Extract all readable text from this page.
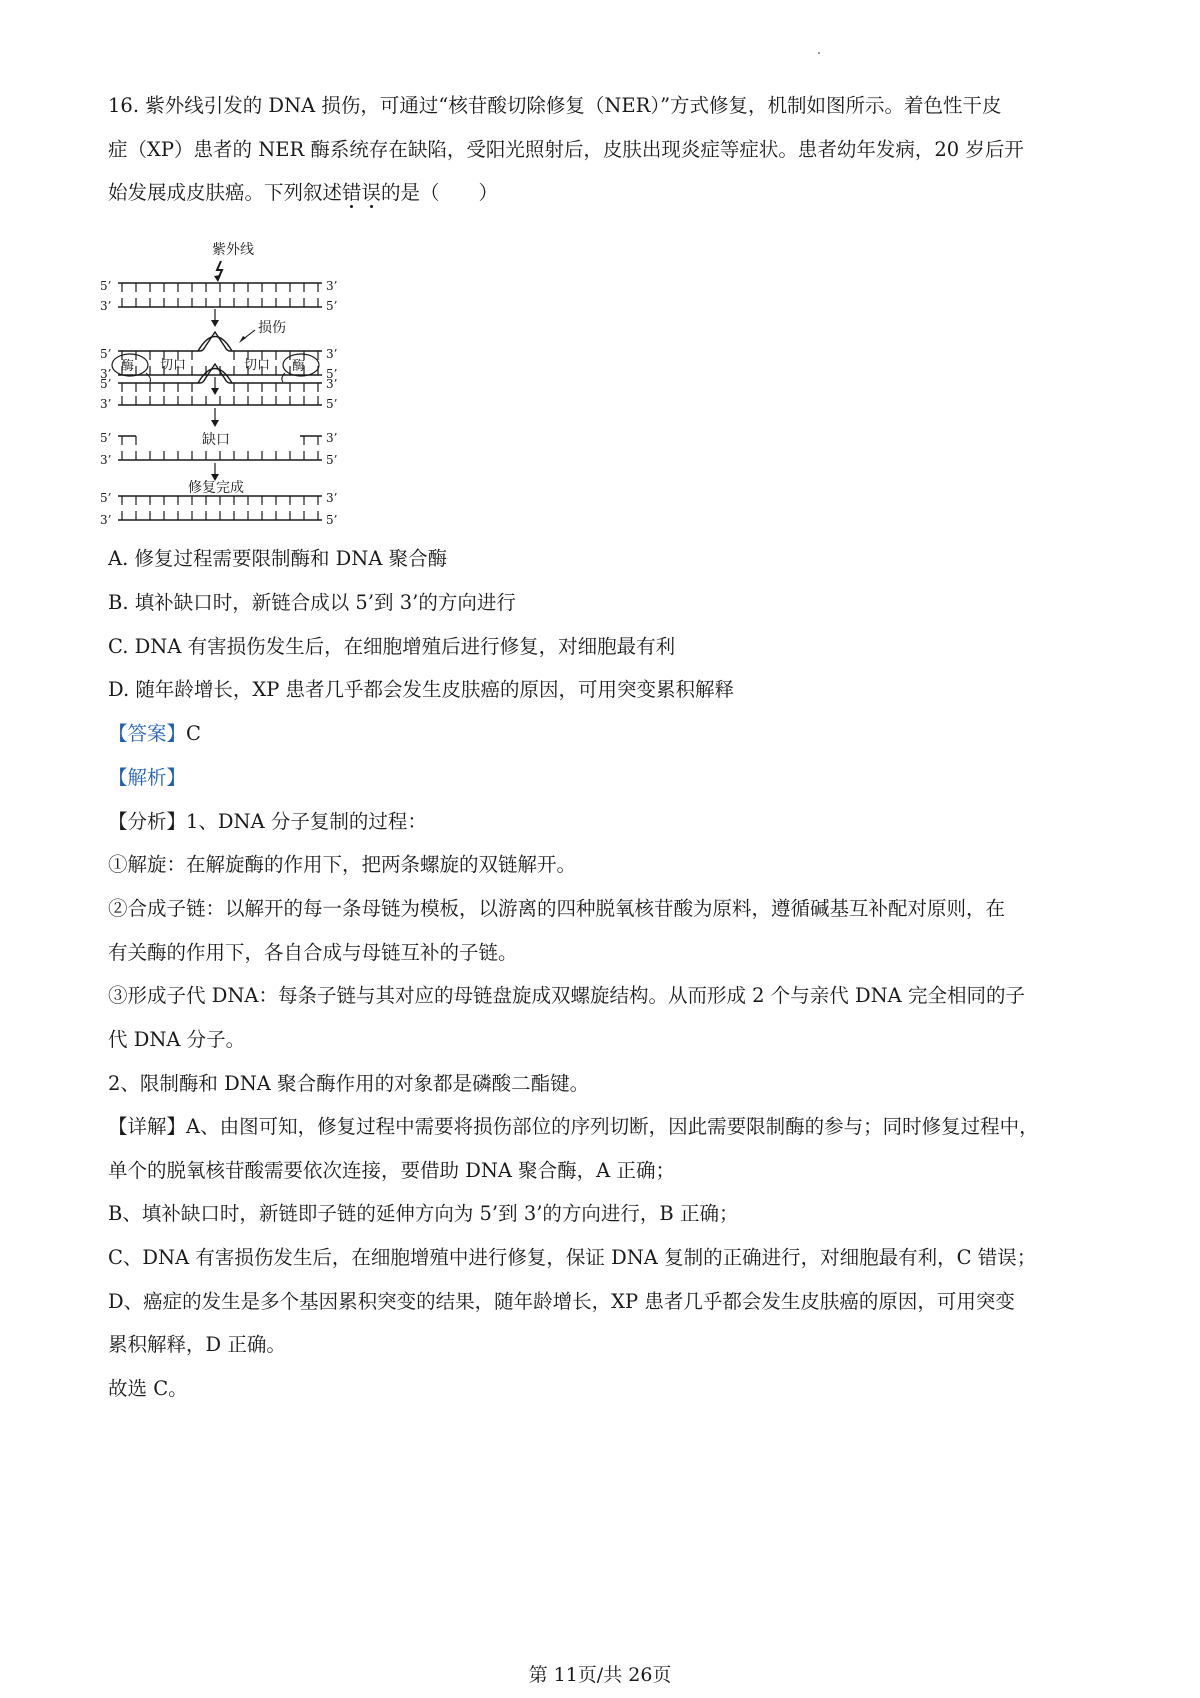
16. 紫外线引发的 DNA 损伤，可通过“核苷酸切除修复（NER）”方式修复，机制如图所示。着色性干皮
症（XP）患者的 NER 酶系统存在缺陷，受阳光照射后，皮肤出现炎症等症状。患者幼年发病，20 岁后开
始发展成皮肤癌。下列叙述错误的是（　　）
紫外线
5’
3’
3’
5’
损伤
5’
3’
3’
5’
酶	酶
切口	切口
5’
3’
3’
5’
缺口
5’
3’
3’
5’
修复完成
5’
3’
3’
5’
A. 修复过程需要限制酶和 DNA 聚合酶
B. 填补缺口时，新链合成以 5’到 3’的方向进行
C. DNA 有害损伤发生后，在细胞增殖后进行修复，对细胞最有利
D. 随年龄增长，XP 患者几乎都会发生皮肤癌的原因，可用突变累积解释
【答案】C
【解析】
【分析】1、DNA 分子复制的过程：
①解旋：在解旋酶的作用下，把两条螺旋的双链解开。
②合成子链：以解开的每一条母链为模板，以游离的四种脱氧核苷酸为原料，遵循碱基互补配对原则，在
有关酶的作用下，各自合成与母链互补的子链。
③形成子代 DNA：每条子链与其对应的母链盘旋成双螺旋结构。从而形成 2 个与亲代 DNA 完全相同的子
代 DNA 分子。
2、限制酶和 DNA 聚合酶作用的对象都是磷酸二酯键。
【详解】A、由图可知，修复过程中需要将损伤部位的序列切断，因此需要限制酶的参与；同时修复过程中，
单个的脱氧核苷酸需要依次连接，要借助 DNA 聚合酶，A 正确；
B、填补缺口时，新链即子链的延伸方向为 5’到 3’的方向进行，B 正确；
C、DNA 有害损伤发生后，在细胞增殖中进行修复，保证 DNA 复制的正确进行，对细胞最有利，C 错误；
D、癌症的发生是多个基因累积突变的结果，随年龄增长，XP 患者几乎都会发生皮肤癌的原因，可用突变
累积解释，D 正确。
故选 C。
第 11页/共 26页
